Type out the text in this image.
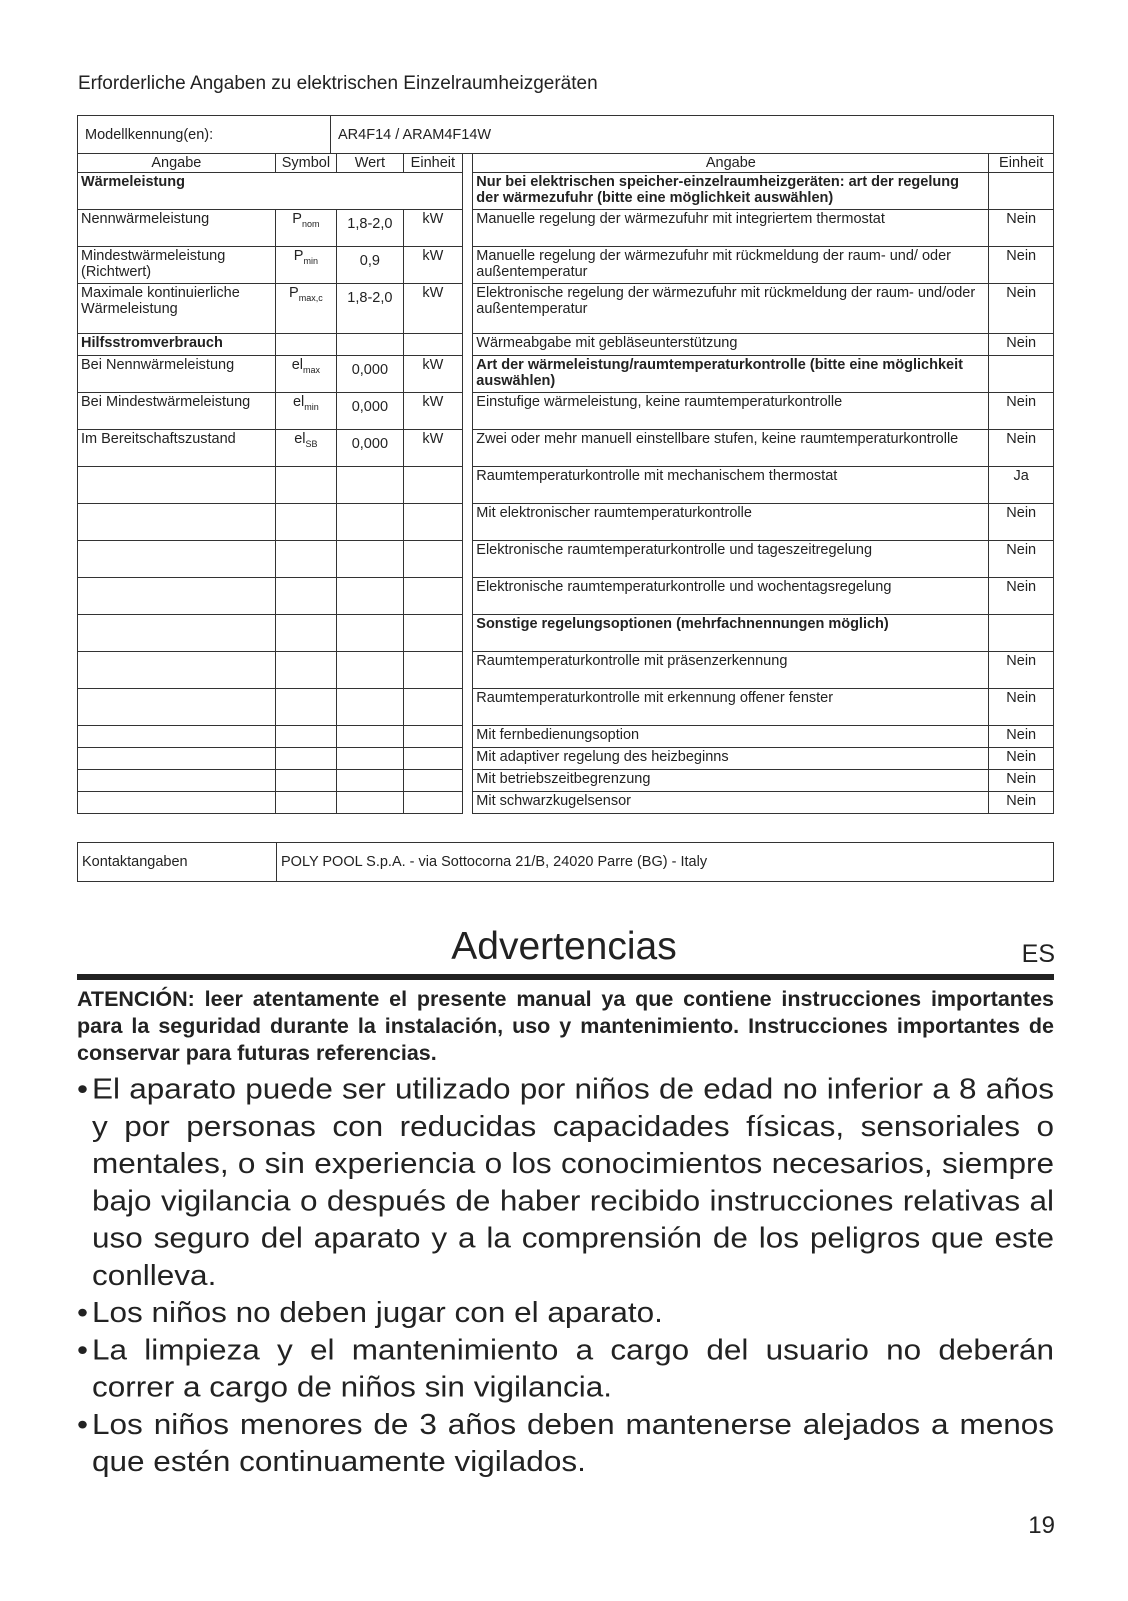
Erforderliche Angaben zu elektrischen Einzelraumheizgeräten
Modellkennung(en):	AR4F14 / ARAM4F14W
Angabe	Symbol	Wert	Einheit		Angabe	Einheit
Wärmeleistung					Nur bei elektrischen speicher-einzelraumheizgeräten: art der regelung der wärmezufuhr (bitte eine möglichkeit auswählen)	
Nennwärmeleistung	$P_{nom}$	1,8-2,0	kW		Manuelle regelung der wärmezufuhr mit integriertem thermostat	Nein
Mindestwärmeleistung (Richtwert)	$P_{min}$	0,9	kW		Manuelle regelung der wärmezufuhr mit rückmeldung der raum- und/ oder außentemperatur	Nein
Maximale kontinuierliche Wärmeleistung	$P_{max,c}$	1,8-2,0	kW		Elektronische regelung der wärmezufuhr mit rückmeldung der raum- und/oder außentemperatur	Nein
Hilfsstromverbrauch					Wärmeabgabe mit gebläseunterstützung	Nein
Bei Nennwärmeleistung	$el_{max}$	0,000	kW		Art der wärmeleistung/raumtemperaturkontrolle (bitte eine möglichkeit auswählen)	
Bei Mindestwärmeleistung	$el_{min}$	0,000	kW		Einstufige wärmeleistung, keine raumtemperaturkontrolle	Nein
Im Bereitschaftszustand	$el_{SB}$	0,000	kW		Zwei oder mehr manuell einstellbare stufen, keine raumtemperaturkontrolle	Nein
					Raumtemperaturkontrolle mit mechanischem thermostat	Ja
					Mit elektronischer raumtemperaturkontrolle	Nein
					Elektronische raumtemperaturkontrolle und tageszeitregelung	Nein
					Elektronische raumtemperaturkontrolle und wochentagsregelung	Nein
					Sonstige regelungsoptionen (mehrfachnennungen möglich)	
					Raumtemperaturkontrolle mit präsenzerkennung	Nein
					Raumtemperaturkontrolle mit erkennung offener fenster	Nein
					Mit fernbedienungsoption	Nein
					Mit adaptiver regelung des heizbeginns	Nein
					Mit betriebszeitbegrenzung	Nein
					Mit schwarzkugelsensor	Nein
Kontaktangaben	POLY POOL S.p.A. - via Sottocorna 21/B, 24020 Parre (BG) - Italy
Advertencias	ES
ATENCIÓN: leer atentamente el presente manual ya que contiene instrucciones importantes para la seguridad durante la instalación, uso y mantenimiento. Instrucciones importantes de conservar para futuras referencias.
• El aparato puede ser utilizado por niños de edad no inferior a 8 años y por personas con reducidas capacidades físicas, sensoriales o mentales, o sin experiencia o los conocimientos necesarios, siempre bajo vigilancia o después de haber recibido instrucciones relativas al uso seguro del aparato y a la comprensión de los peligros que este conlleva.
• Los niños no deben jugar con el aparato.
• La limpieza y el mantenimiento a cargo del usuario no deberán correr a cargo de niños sin vigilancia.
• Los niños menores de 3 años deben mantenerse alejados a menos que estén continuamente vigilados.
19
